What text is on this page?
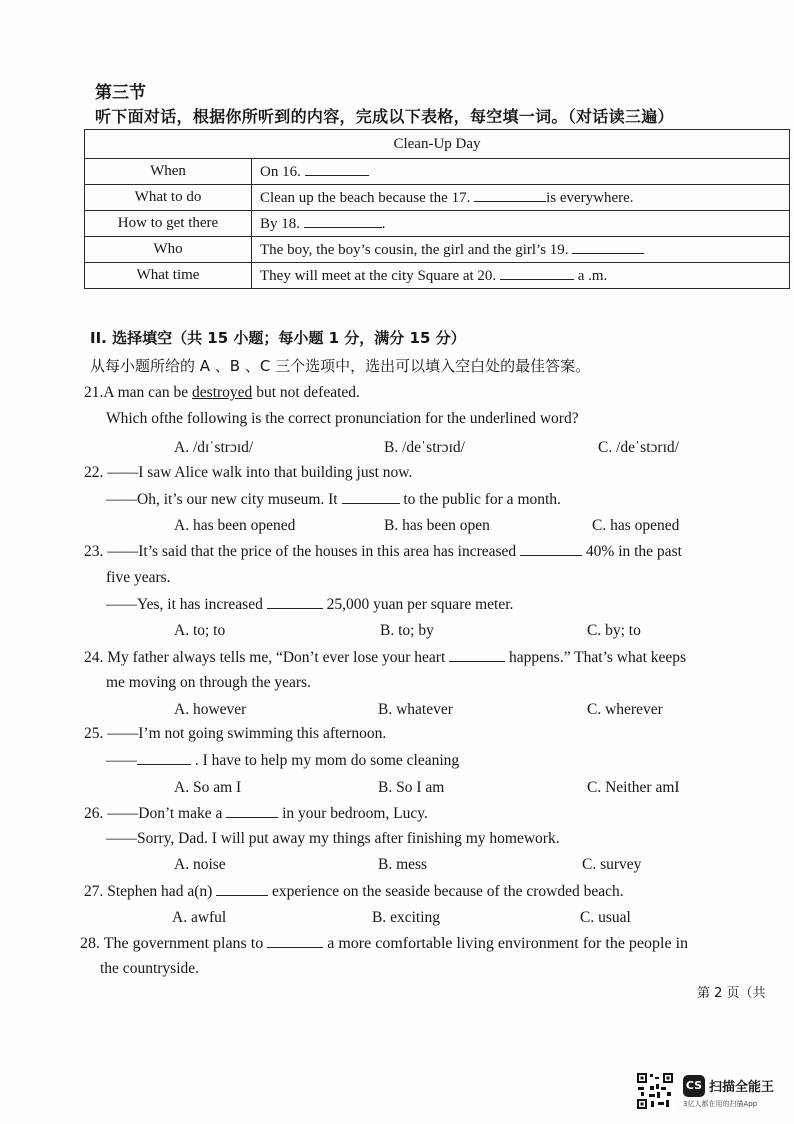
第三节
听下面对话，根据你所听到的内容，完成以下表格，每空填一词。（对话读三遍）
Clean-Up Day	
When	On 16.
What to do	Clean up the beach because the 17. is everywhere.
How to get there	By 18. .
Who	The boy, the boy’s cousin, the girl and the girl’s 19.
What time	They will meet at the city Square at 20. a .m.
II. 选择填空（共 15 小题；每小题 1 分，满分 15 分）
从每小题所给的 A 、B 、C 三个选项中，选出可以填入空白处的最佳答案。
21.A man can be destroyed but not defeated.
Which ofthe following is the correct pronunciation for the underlined word?
A. /dɪˈstrɔɪd/	B. /deˈstrɔɪd/	C. /deˈstɔrɪd/
22. ——I saw Alice walk into that building just now.
——Oh, it’s our new city museum. It	to the public for a month.
A. has been opened	B. has been open	C. has opened
23. ——It’s said that the price of the houses in this area has increased	40% in the past
five years.
——Yes, it has increased	25,000 yuan per square meter.
A. to; to	B. to; by	C. by; to
24. My father always tells me, “Don’t ever lose your heart	happens.” That’s what keeps
me moving on through the years.
A. however	B. whatever	C. wherever
25. ——I’m not going swimming this afternoon.
——	. I have to help my mom do some cleaning
A. So am I	B. So I am	C. Neither amI
26. ——Don’t make a	in your bedroom, Lucy.
——Sorry, Dad. I will put away my things after finishing my homework.
A. noise	B. mess	C. survey
27. Stephen had a(n)	experience on the seaside because of the crowded beach.
A. awful	B. exciting	C. usual
28. The government plans to	a more comfortable living environment for the people in
the countryside.
第 2 页（共
CS 扫描全能王
3亿人都在用的扫描App
